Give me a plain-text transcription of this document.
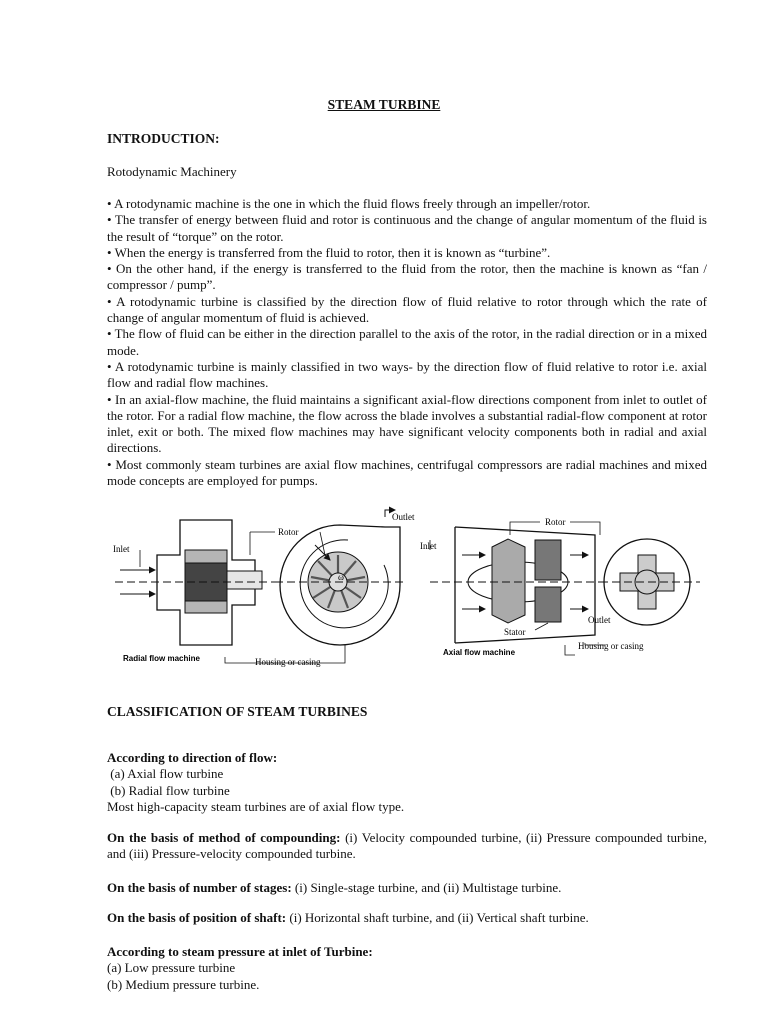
STEAM TURBINE
INTRODUCTION:
Rotodynamic Machinery

• A rotodynamic machine is the one in which the fluid flows freely through an impeller/rotor.

• The transfer of energy between fluid and rotor is continuous and the change of angular momentum of the fluid is the result of “torque” on the rotor.

• When the energy is transferred from the fluid to rotor, then it is known as “turbine”.

• On the other hand, if the energy is transferred to the fluid from the rotor, then the machine is known as “fan / compressor / pump”.

• A rotodynamic turbine is classified by the direction flow of fluid relative to rotor through which the rate of change of angular momentum of fluid is achieved.

• The flow of fluid can be either in the direction parallel to the axis of the rotor, in the radial direction or in a mixed mode.

• A rotodynamic turbine is mainly classified in two ways- by the direction flow of fluid relative to rotor i.e. axial flow and radial flow machines.

• In an axial-flow machine, the fluid maintains a significant axial-flow directions component from inlet to outlet of the rotor. For a radial flow machine, the flow across the blade involves a substantial radial-flow component at rotor inlet, exit or both. The mixed flow machines may have significant velocity components both in radial and axial directions.

• Most commonly steam turbines are axial flow machines, centrifugal compressors are radial machines and mixed mode concepts are employed for pumps.

Inlet
Rotor
Outlet
ω
Housing or casing
Radial flow machine
Inlet
Rotor
Stator
Outlet
Housing or casing
Axial flow machine
CLASSIFICATION OF STEAM TURBINES

According to direction of flow:

(a) Axial flow turbine

(b) Radial flow turbine

Most high-capacity steam turbines are of axial flow type.

On the basis of method of compounding: (i) Velocity compounded turbine, (ii) Pressure compounded turbine, and (iii) Pressure-velocity compounded turbine.
On the basis of number of stages: (i) Single-stage turbine, and (ii) Multistage turbine.
On the basis of position of shaft: (i) Horizontal shaft turbine, and (ii) Vertical shaft turbine.

According to steam pressure at inlet of Turbine:

(a) Low pressure turbine

(b) Medium pressure turbine.
